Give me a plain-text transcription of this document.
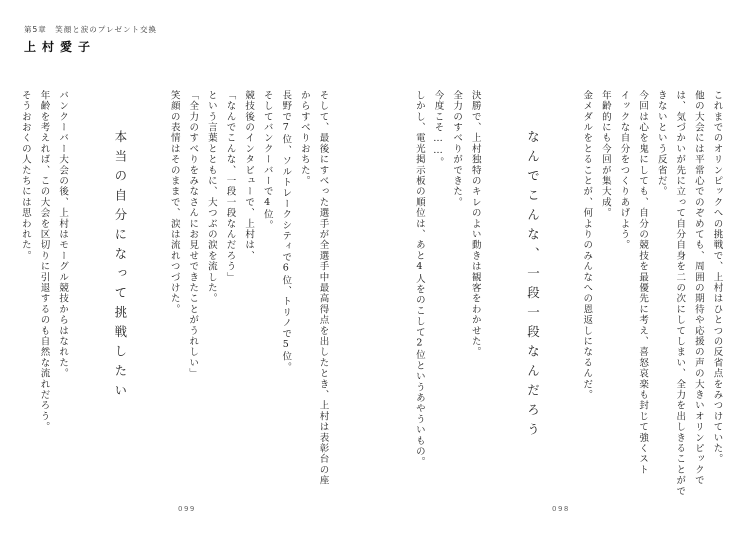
第5章　笑顔と涙のプレゼント交換
上村愛子
そして、最後にすべった選手が全選手中最高得点を出したとき、上村は表彰台の座
からすべりおちた。
長野で7位、ソルトレークシティで6位、トリノで5位。
そしてバンクーバーで4位。
競技後のインタビューで、上村は、
「なんでこんな、一段一段なんだろう」
という言葉とともに、大つぶの涙を流した。
「全力のすべりをみなさんにお見せできたことがうれしい」
笑顔の表情はそのままで、涙は流れつづけた。
本当の自分になって挑戦したい
バンクーバー大会の後、上村はモーグル競技からはなれた。
年齢を考えれば、この大会を区切りに引退するのも自然な流れだろう。
そうおおくの人たちには思われた。	これまでのオリンピックへの挑戦で、上村はひとつの反省点をみつけていた。
他の大会には平常心でのぞめても、周囲の期待や応援の声の大きいオリンピックで
は、気づかいが先に立って自分自身を二の次にしてしまい、全力を出しきることがで
きないという反省だ。
今回は心を鬼にしても、自分の競技を最優先に考え、喜怒哀楽も封じて強くスト
イックな自分をつくりあげよう。
年齢的にも今回が集大成。
金メダルをとることが、何よりのみんなへの恩返しになるんだ。
なんでこんな、一段一段なんだろう
決勝で、上村独特のキレのよい動きは観客をわかせた。
全力のすべりができた。
今度こそ……。
しかし、電光掲示板の順位は、あと4人をのこして2位というあやういもの。
099	098
